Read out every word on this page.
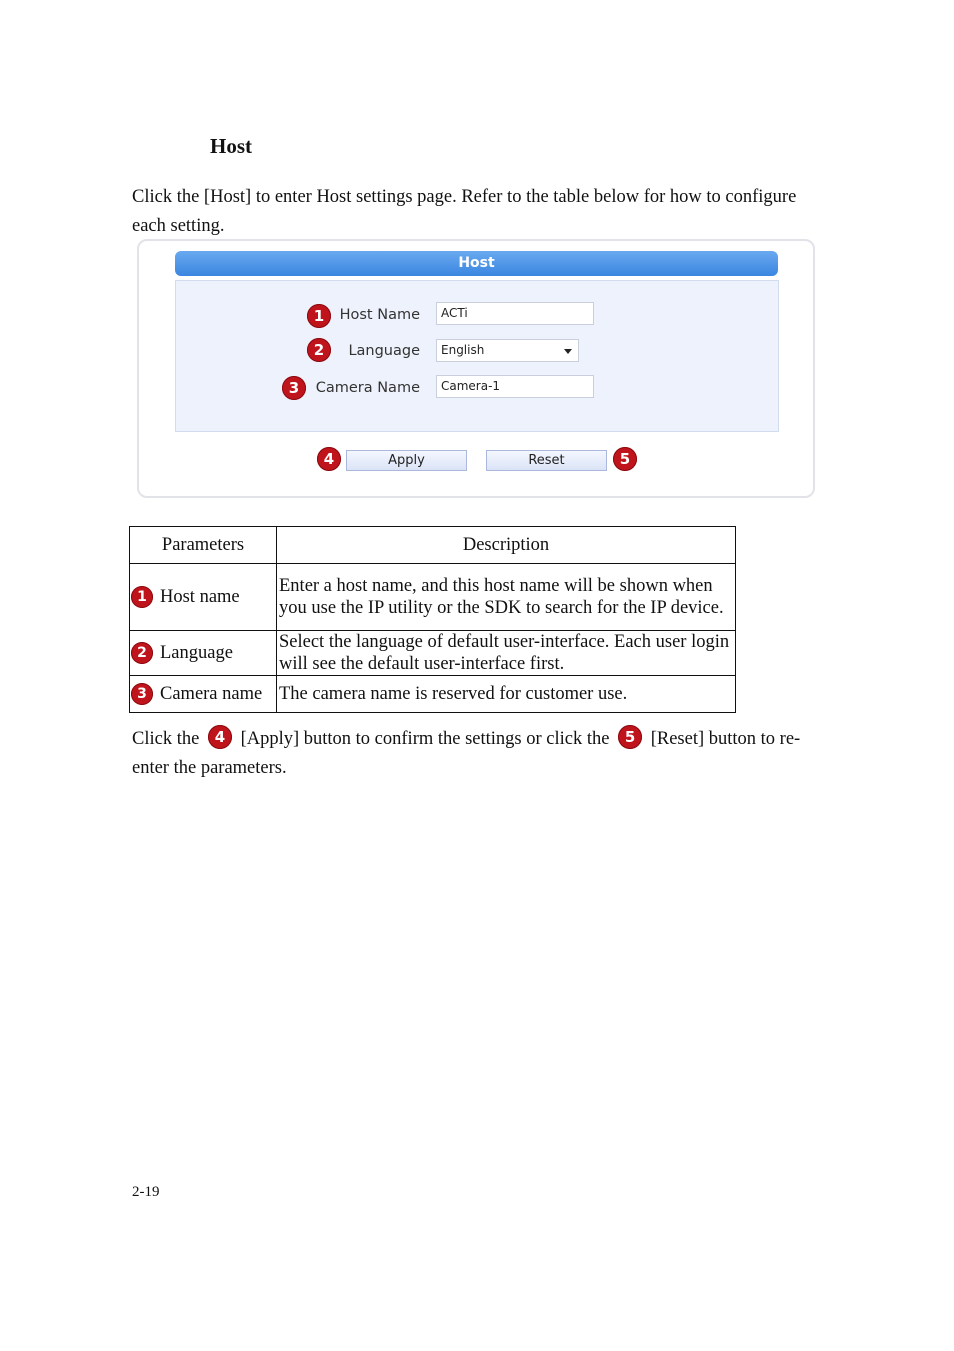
Host
Click the [Host] to enter Host settings page. Refer to the table below for how to configure each setting.
Host
1	Host Name	ACTi
2	Language	English
3	Camera Name	Camera-1
4	Apply	Reset	5
Parameters	Description

1 Host name	Enter a host name, and this host name will be shown when you use the IP utility or the SDK to search for the IP device.

2 Language	Select the language of default user-interface. Each user login will see the default user-interface first.

3 Camera name	The camera name is reserved for customer use.
Click the 4 [Apply] button to confirm the settings or click the 5 [Reset] button to re-enter the parameters.
2-19
